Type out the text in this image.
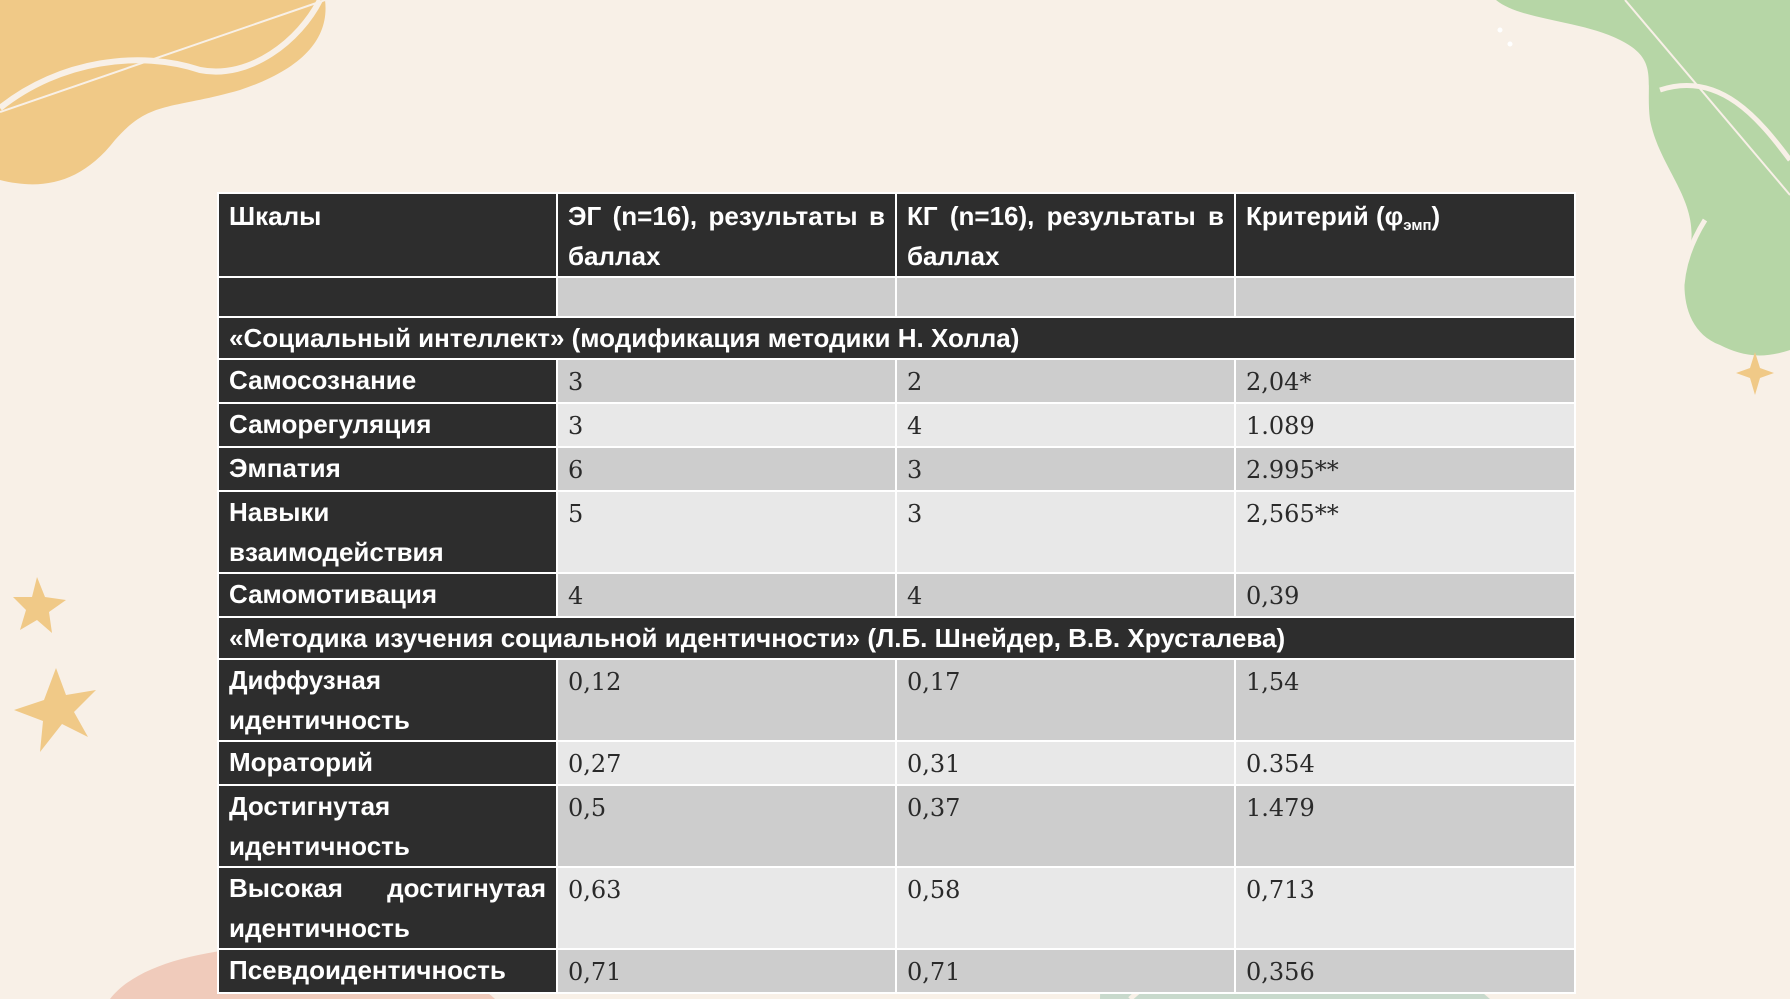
Шкалы	ЭГ (n=16), результаты в баллах	КГ (n=16), результаты в баллах	Критерий $(\varphi_{эмп})$

«Социальный интеллект» (модификация методики Н. Холла)			
Самосознание	3	2	2,04*
Саморегуляция	3	4	1.089
Эмпатия	6	3	2.995**
Навыки взаимодействия	5	3	2,565**
Самомотивация	4	4	0,39
«Методика изучения социальной идентичности» (Л.Б. Шнейдер, В.В. Хрусталева)			
Диффузная идентичность	0,12	0,17	1,54
Мораторий	0,27	0,31	0.354
Достигнутая идентичность	0,5	0,37	1.479
Высокая достигнутая идентичность	0,63	0,58	0,713
Псевдоидентичность	0,71	0,71	0,356
